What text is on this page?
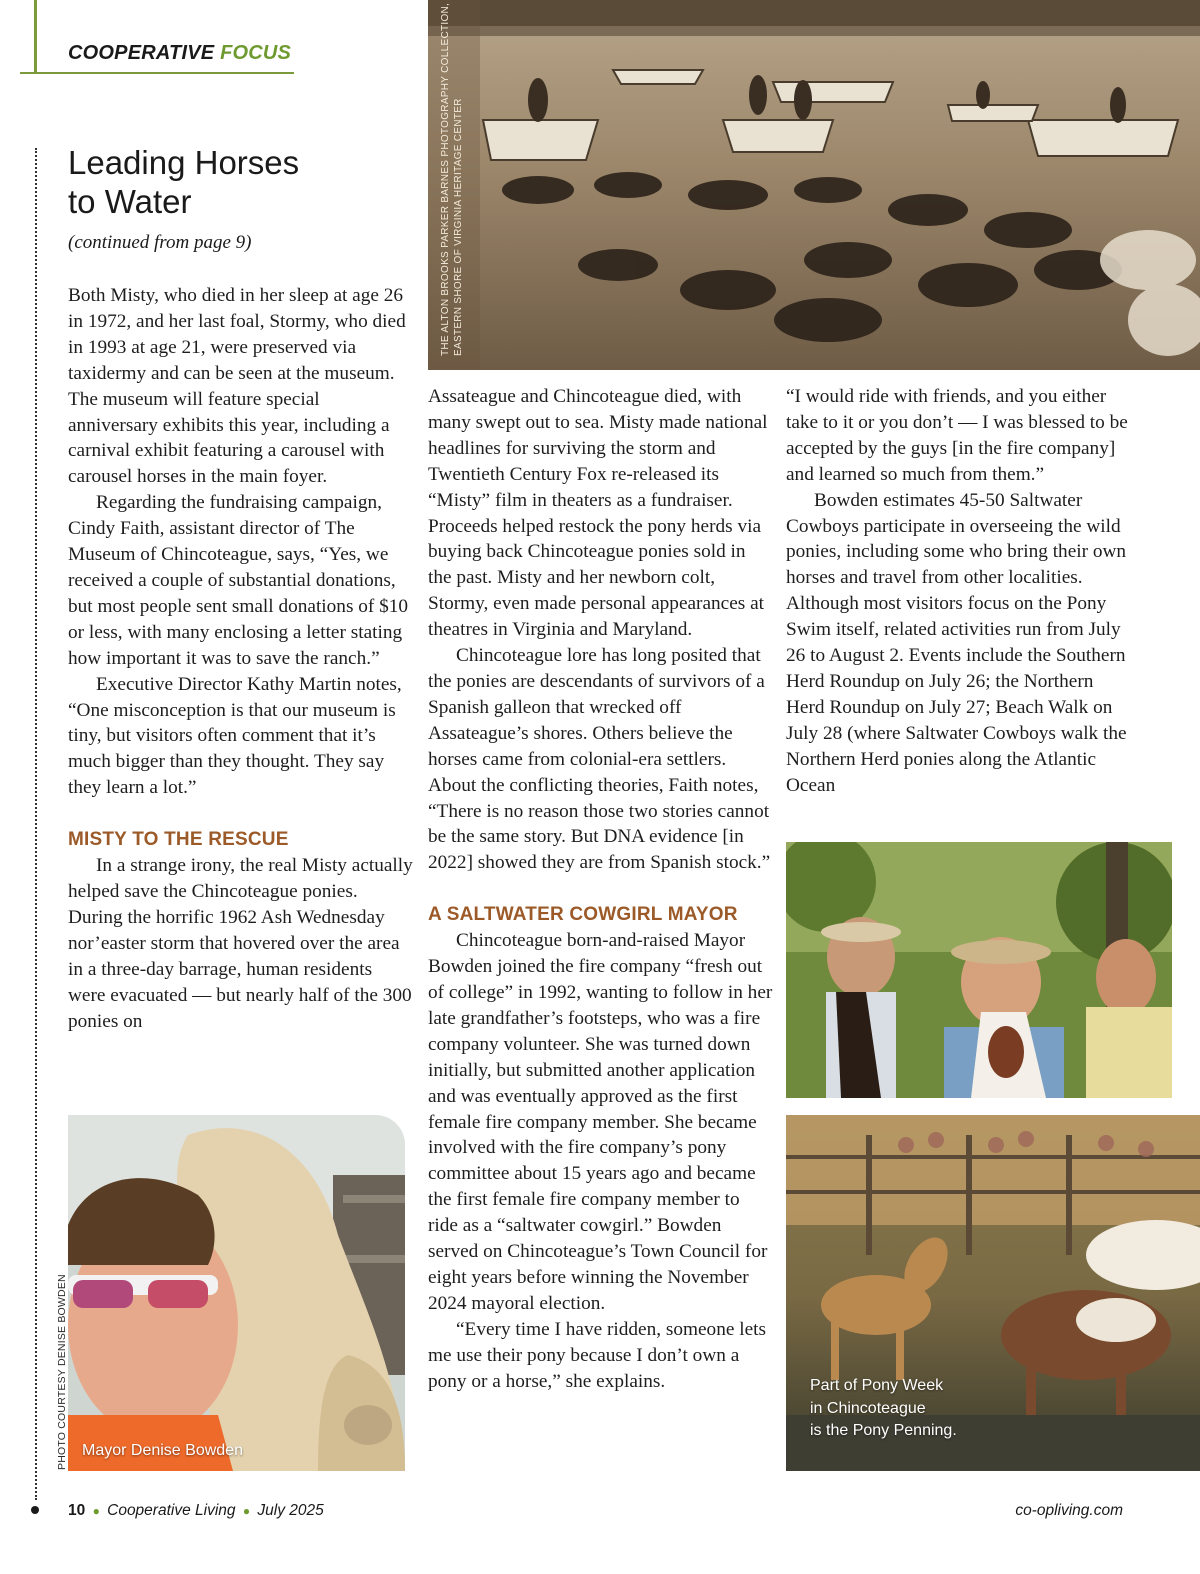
COOPERATIVE FOCUS
Leading Horses
to Water
(continued from page 9)

Both Misty, who died in her sleep at age 26 in 1972, and her last foal, Stormy, who died in 1993 at age 21, were preserved via taxidermy and can be seen at the museum. The museum will feature special anniversary exhibits this year, including a carnival exhibit featuring a carousel with carousel horses in the main foyer.

Regarding the fundraising campaign, Cindy Faith, assistant director of The Museum of Chincoteague, says, “Yes, we received a couple of substantial donations, but most people sent small donations of $10 or less, with many enclosing a letter stating how important it was to save the ranch.”

Executive Director Kathy Martin notes, “One misconception is that our museum is tiny, but visitors often comment that it’s much bigger than they thought. They say they learn a lot.”

MISTY TO THE RESCUE

In a strange irony, the real Misty actually helped save the Chincoteague ponies. During the horrific 1962 Ash Wednesday nor’easter storm that hovered over the area in a three-day barrage, human residents were evacuated — but nearly half of the 300 ponies on

Assateague and Chincoteague died, with many swept out to sea. Misty made national headlines for surviving the storm and Twentieth Century Fox re-released its “Misty” film in theaters as a fundraiser. Proceeds helped restock the pony herds via buying back Chincoteague ponies sold in the past. Misty and her newborn colt, Stormy, even made personal appearances at theatres in Virginia and Maryland.

Chincoteague lore has long posited that the ponies are descendants of survivors of a Spanish galleon that wrecked off Assateague’s shores. Others believe the horses came from colonial-era settlers. About the conflicting theories, Faith notes, “There is no reason those two stories cannot be the same story. But DNA evidence [in 2022] showed they are from Spanish stock.”

A SALTWATER COWGIRL MAYOR

Chincoteague born-and-raised Mayor Bowden joined the fire company “fresh out of college” in 1992, wanting to follow in her late grandfather’s footsteps, who was a fire company volunteer. She was turned down initially, but submitted another application and was eventually approved as the first female fire company member. She became involved with the fire company’s pony committee about 15 years ago and became the first female fire company member to ride as a “saltwater cowgirl.” Bowden served on Chincoteague’s Town Council for eight years before winning the November 2024 mayoral election.

“Every time I have ridden, someone lets me use their pony because I don’t own a pony or a horse,” she explains.

“I would ride with friends, and you either take to it or you don’t — I was blessed to be accepted by the guys [in the fire company] and learned so much from them.”

Bowden estimates 45-50 Saltwater Cowboys participate in overseeing the wild ponies, including some who bring their own horses and travel from other localities. Although most visitors focus on the Pony Swim itself, related activities run from July 26 to August 2. Events include the Southern Herd Roundup on July 26; the Northern Herd Roundup on July 27; Beach Walk on July 28 (where Saltwater Cowboys walk the Northern Herd ponies along the Atlantic Ocean

THE ALTON BROOKS PARKER BARNES PHOTOGRAPHY COLLECTION, EASTERN SHORE OF VIRGINIA HERITAGE CENTER
Mayor Denise Bowden
PHOTO COURTESY DENISE BOWDEN	Part of Pony Week
in Chincoteague
is the Pony Penning.
10 ● Cooperative Living ● July 2025	co-opliving.com
